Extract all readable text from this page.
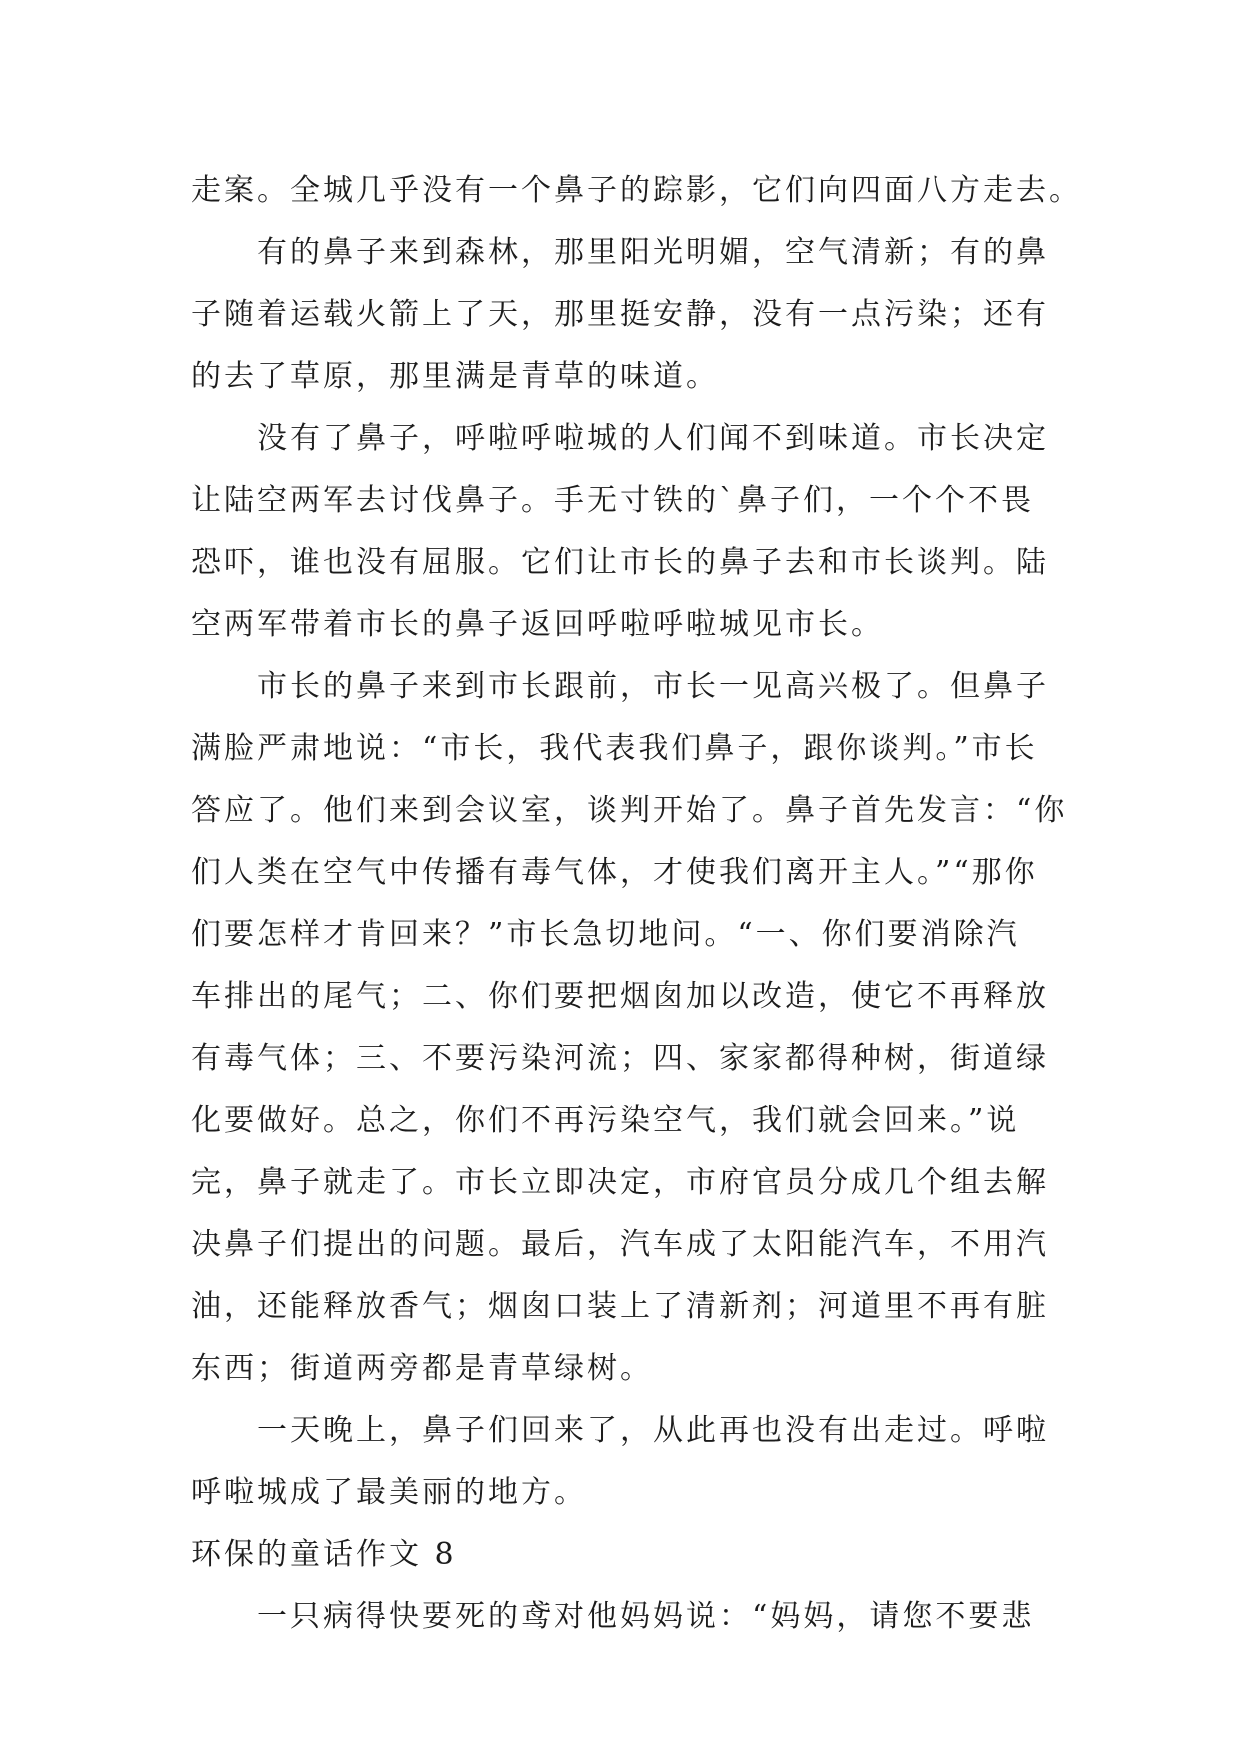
走案。全城几乎没有一个鼻子的踪影，它们向四面八方走去。
有的鼻子来到森林，那里阳光明媚，空气清新；有的鼻
子随着运载火箭上了天，那里挺安静，没有一点污染；还有
的去了草原，那里满是青草的味道。
没有了鼻子，呼啦呼啦城的人们闻不到味道。市长决定
让陆空两军去讨伐鼻子。手无寸铁的`鼻子们，一个个不畏
恐吓，谁也没有屈服。它们让市长的鼻子去和市长谈判。陆
空两军带着市长的鼻子返回呼啦呼啦城见市长。
市长的鼻子来到市长跟前，市长一见高兴极了。但鼻子
满脸严肃地说：“市长，我代表我们鼻子，跟你谈判。”市长
答应了。他们来到会议室，谈判开始了。鼻子首先发言：“你
们人类在空气中传播有毒气体，才使我们离开主人。”“那你
们要怎样才肯回来？”市长急切地问。“一、你们要消除汽
车排出的尾气；二、你们要把烟囱加以改造，使它不再释放
有毒气体；三、不要污染河流；四、家家都得种树，街道绿
化要做好。总之，你们不再污染空气，我们就会回来。”说
完，鼻子就走了。市长立即决定，市府官员分成几个组去解
决鼻子们提出的问题。最后，汽车成了太阳能汽车，不用汽
油，还能释放香气；烟囱口装上了清新剂；河道里不再有脏
东西；街道两旁都是青草绿树。
一天晚上，鼻子们回来了，从此再也没有出走过。呼啦
呼啦城成了最美丽的地方。
环保的童话作文 8
一只病得快要死的鸢对他妈妈说：“妈妈，请您不要悲
